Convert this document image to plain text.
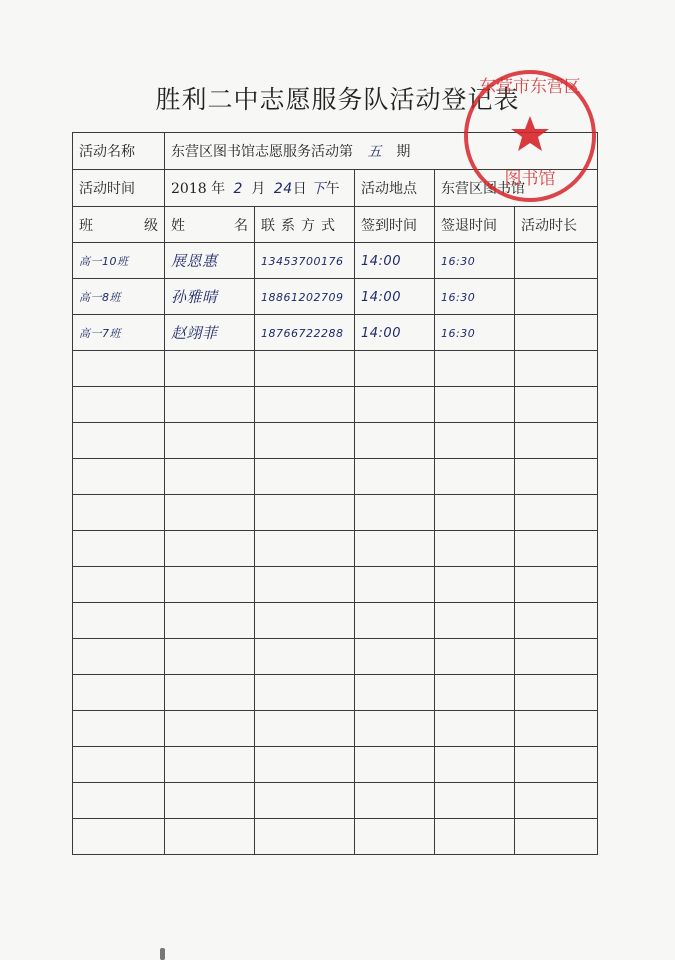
胜利二中志愿服务队活动登记表
活动名称	东营区图书馆志愿服务活动第 五 期				
活动时间	2018 年 2 月 24日 下午		活动地点	东营区图书馆	

班 级	姓 名	联系方式	签到时间	签退时间	活动时长
高一10班	展恩惠	13453700176	14:00	16:30	
高一8班	孙雅晴	18861202709	14:00	16:30	
高一7班	赵翊菲	18766722288	14:00	16:30	

东营市东营区
图书馆
